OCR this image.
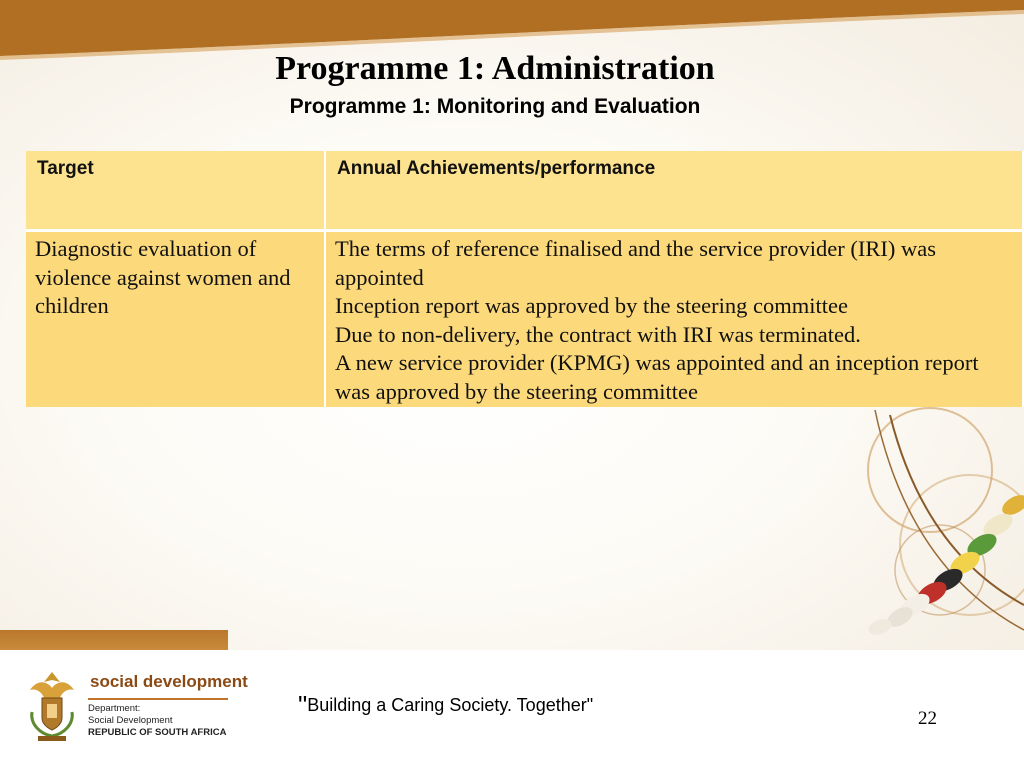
Programme 1: Administration
Programme 1: Monitoring and Evaluation
Target	Annual Achievements/performance

Diagnostic evaluation of violence against women and children	The terms of reference finalised and the service provider (IRI) was appointed
Inception report was approved by the steering committee
Due to non-delivery, the contract with IRI was terminated.
A new service provider (KPMG) was appointed and an inception report was approved by the steering committee
social development
Department:
Social Development
REPUBLIC OF SOUTH AFRICA
"Building a Caring Society. Together"
22
